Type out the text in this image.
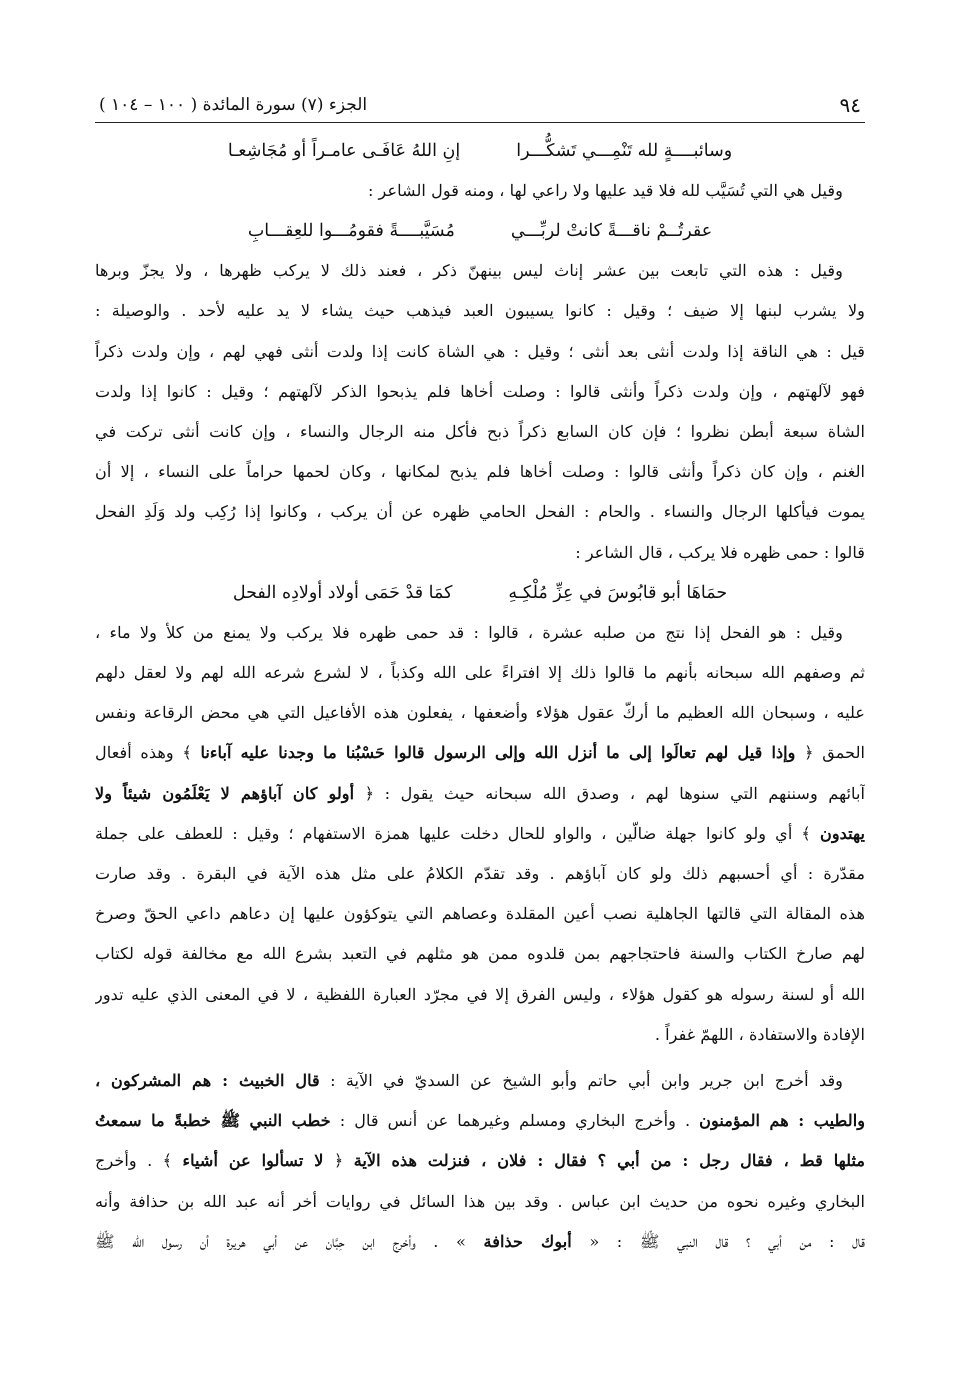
٩٤
الجزء (٧) سورة المائدة ( ١٠٠ – ١٠٤ )
وسائبــــةٍ لله تَنْمِـــي تَشكُّـــرا
إنِ اللهُ عَافَـى عامـراً أو مُجَاشِعـا
وقيل هي التي تُسَيَّب لله فلا قيد عليها ولا راعي لها ، ومنه قول الشاعر :
عقرتُــمْ ناقـــةً كانتْ لربِّـــي
مُسَيَّبــــةً فقومُـــوا للعِقـــابِ
وقيل : هذه التي تابعت بين عشر إناث ليس بينهنّ ذكر ، فعند ذلك لا يركب ظهرها ، ولا يجزّ وبرها
ولا يشرب لبنها إلا ضيف ؛ وقيل : كانوا يسيبون العبد فيذهب حيث يشاء لا يد عليه لأحد . والوصيلة :
قيل : هي الناقة إذا ولدت أنثى بعد أنثى ؛ وقيل : هي الشاة كانت إذا ولدت أنثى فهي لهم ، وإن ولدت ذكراً
فهو لآلهتهم ، وإن ولدت ذكراً وأنثى قالوا : وصلت أخاها فلم يذبحوا الذكر لآلهتهم ؛ وقيل : كانوا إذا ولدت
الشاة سبعة أبطن نظروا ؛ فإن كان السابع ذكراً ذبح فأكل منه الرجال والنساء ، وإن كانت أنثى تركت في
الغنم ، وإن كان ذكراً وأنثى قالوا : وصلت أخاها فلم يذبح لمكانها ، وكان لحمها حراماً على النساء ، إلا أن
يموت فيأكلها الرجال والنساء . والحام : الفحل الحامي ظهره عن أن يركب ، وكانوا إذا رُكِب ولد وَلَدِ الفحل
قالوا : حمى ظهره فلا يركب ، قال الشاعر :
حمَاهَا أبو قابُوسَ في عِزِّ مُلْكِـهِ
كمَا قدْ حَمَى أولاد أولادِه الفحل
وقيل : هو الفحل إذا نتج من صلبه عشرة ، قالوا : قد حمى ظهره فلا يركب ولا يمنع من كلأ ولا ماء ،
ثم وصفهم الله سبحانه بأنهم ما قالوا ذلك إلا افتراءً على الله وكذباً ، لا لشرع شرعه الله لهم ولا لعقل دلهم
عليه ، وسبحان الله العظيم ما أركّ عقول هؤلاء وأضعفها ، يفعلون هذه الأفاعيل التي هي محض الرقاعة ونفس
الحمق ﴿ وإذا قيل لهم تعالَوا إلى ما أنزل الله وإلى الرسول قالوا حَسْبُنا ما وجدنا عليه آباءنا ﴾ وهذه أفعال
آبائهم وسننهم التي سنوها لهم ، وصدق الله سبحانه حيث يقول : ﴿ أولو كان آباؤهم لا يَعْلَمُون شيئاً ولا
يهتدون ﴾ أي ولو كانوا جهلة ضالّين ، والواو للحال دخلت عليها همزة الاستفهام ؛ وقيل : للعطف على جملة
مقدّرة : أي أحسبهم ذلك ولو كان آباؤهم . وقد تقدّم الكلامُ على مثل هذه الآية في البقرة . وقد صارت
هذه المقالة التي قالتها الجاهلية نصب أعين المقلدة وعصاهم التي يتوكؤون عليها إن دعاهم داعي الحقّ وصرخ
لهم صارخ الكتاب والسنة فاحتجاجهم بمن قلدوه ممن هو مثلهم في التعبد بشرع الله مع مخالفة قوله لكتاب
الله أو لسنة رسوله هو كقول هؤلاء ، وليس الفرق إلا في مجرّد العبارة اللفظية ، لا في المعنى الذي عليه تدور
الإفادة والاستفادة ، اللهمّ غفراً .
وقد أخرج ابن جرير وابن أبي حاتم وأبو الشيخ عن السديّ في الآية : قال الخبيث : هم المشركون ،
والطيب : هم المؤمنون . وأخرج البخاري ومسلم وغيرهما عن أنس قال : خطب النبي ﷺ خطبةً ما سمعتُ
مثلها قط ، فقال رجل : من أبي ؟ فقال : فلان ، فنزلت هذه الآية ﴿ لا تسألوا عن أشياء ﴾ . وأخرج
البخاري وغيره نحوه من حديث ابن عباس . وقد بين هذا السائل في روايات أخر أنه عبد الله بن حذافة وأنه
قال : من أبي ؟ قال النبي ﷺ : « أبوك حذافة » . وأخرج ابن حِبَّان عن أبي هريرة أن رسول الله ﷺ
